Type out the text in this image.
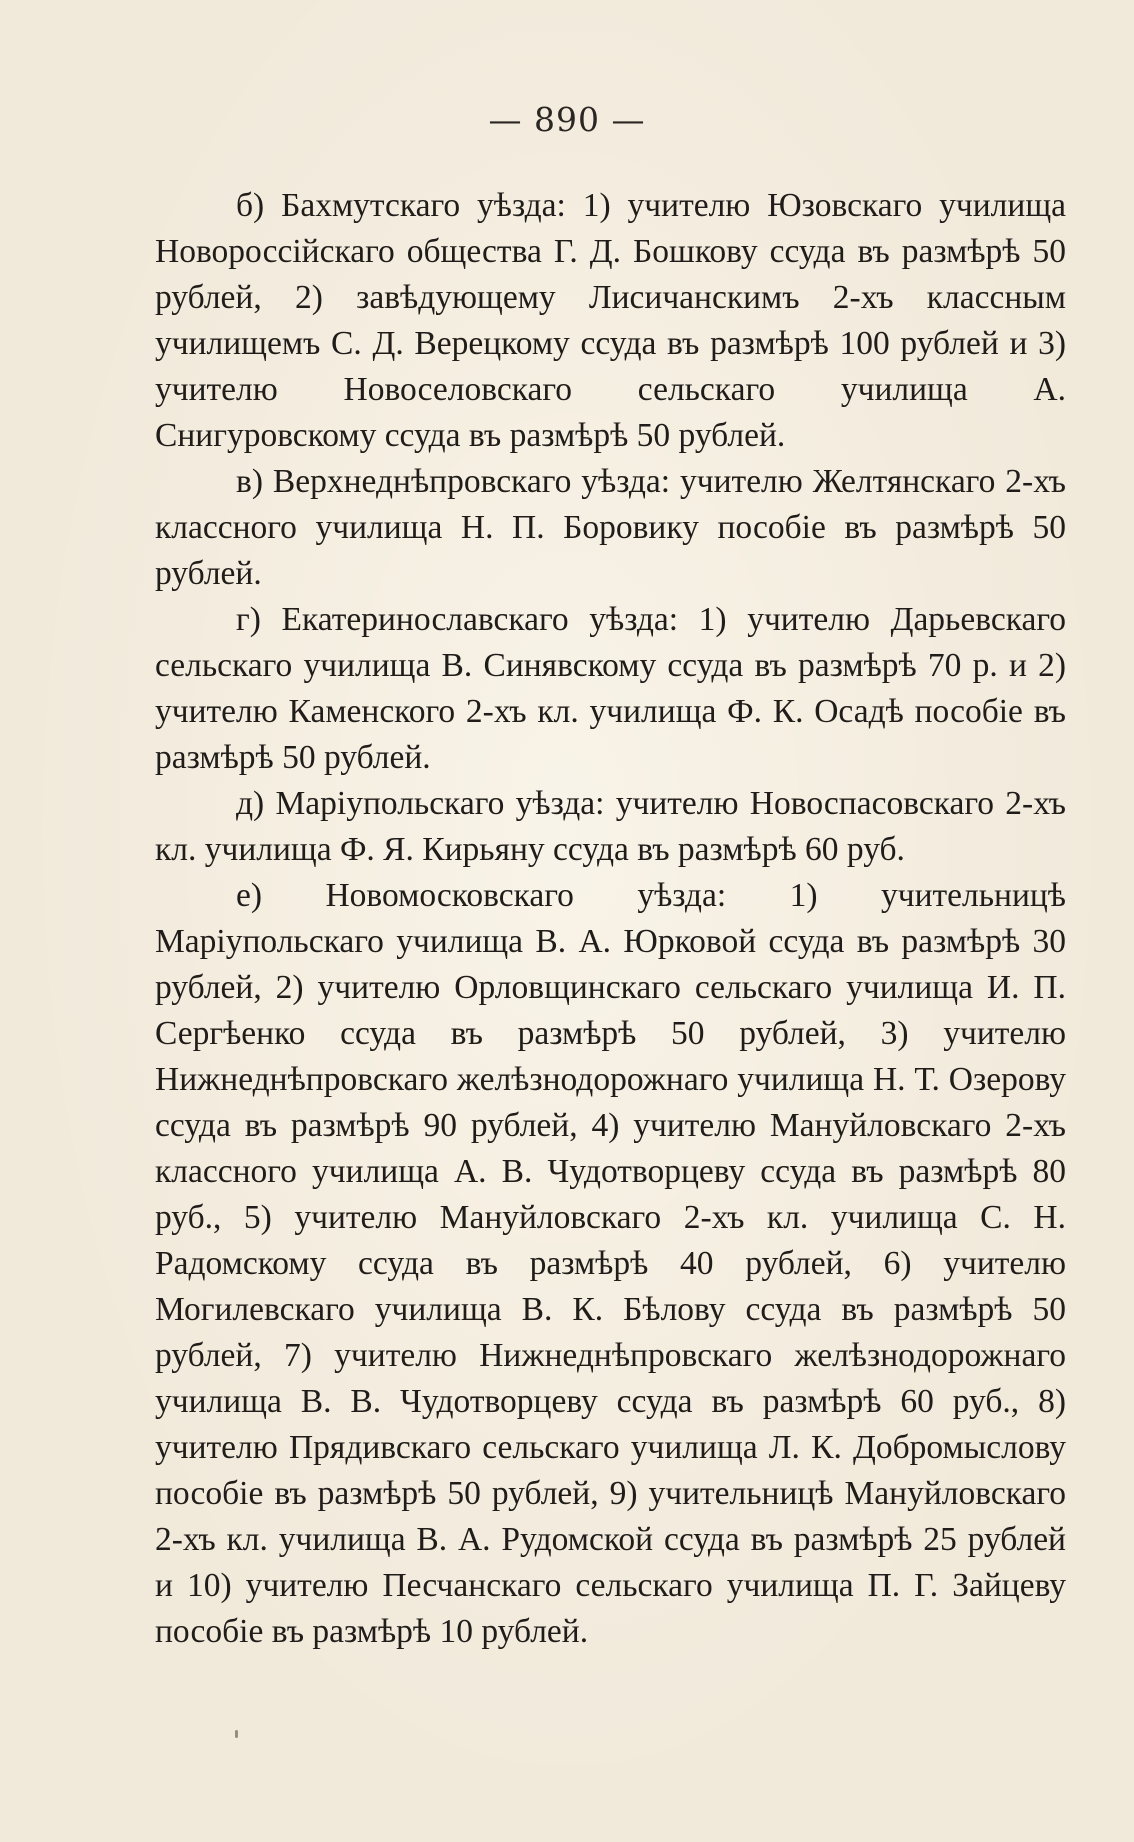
— 890 —

б) Бахмутскаго уѣзда: 1) учителю Юзовскаго училища Новороссійскаго общества Г. Д. Бошкову ссуда въ размѣрѣ 50 рублей, 2) завѣдующему Лисичанскимъ 2-хъ классным училищемъ С. Д. Верецкому ссуда въ размѣрѣ 100 рублей и 3) учителю Новоселовскаго сельскаго училища А. Снигуровскому ссуда въ размѣрѣ 50 рублей.

в) Верхнеднѣпровскаго уѣзда: учителю Желтянскаго 2-хъ классного училища Н. П. Боровику пособіе въ размѣрѣ 50 рублей.

г) Екатеринославскаго уѣзда: 1) учителю Дарьевскаго сельскаго училища В. Синявскому ссуда въ размѣрѣ 70 р. и 2) учителю Каменского 2-хъ кл. училища Ф. К. Осадѣ пособіе въ размѣрѣ 50 рублей.

д) Маріупольскаго уѣзда: учителю Новоспасовскаго 2-хъ кл. училища Ф. Я. Кирьяну ссуда въ размѣрѣ 60 руб.

е) Новомосковскаго уѣзда: 1) учительницѣ Маріупольскаго училища В. А. Юрковой ссуда въ размѣрѣ 30 рублей, 2) учителю Орловщинскаго сельскаго училища И. П. Сергѣенко ссуда въ размѣрѣ 50 рублей, 3) учителю Нижнеднѣпровскаго желѣзнодорожнаго училища Н. Т. Озерову ссуда въ размѣрѣ 90 рублей, 4) учителю Мануйловскаго 2-хъ классного училища А. В. Чудотворцеву ссуда въ размѣрѣ 80 руб., 5) учителю Мануйловскаго 2-хъ кл. училища С. Н. Радомскому ссуда въ размѣрѣ 40 рублей, 6) учителю Могилевскаго училища В. К. Бѣлову ссуда въ размѣрѣ 50 рублей, 7) учителю Нижнеднѣпровскаго желѣзнодорожнаго училища В. В. Чудотворцеву ссуда въ размѣрѣ 60 руб., 8) учителю Прядивскаго сельскаго училища Л. К. Добромыслову пособіе въ размѣрѣ 50 рублей, 9) учительницѣ Мануйловскаго 2-хъ кл. училища В. А. Рудомской ссуда въ размѣрѣ 25 рублей и 10) учителю Песчанскаго сельскаго училища П. Г. Зайцеву пособіе въ размѣрѣ 10 рублей.
